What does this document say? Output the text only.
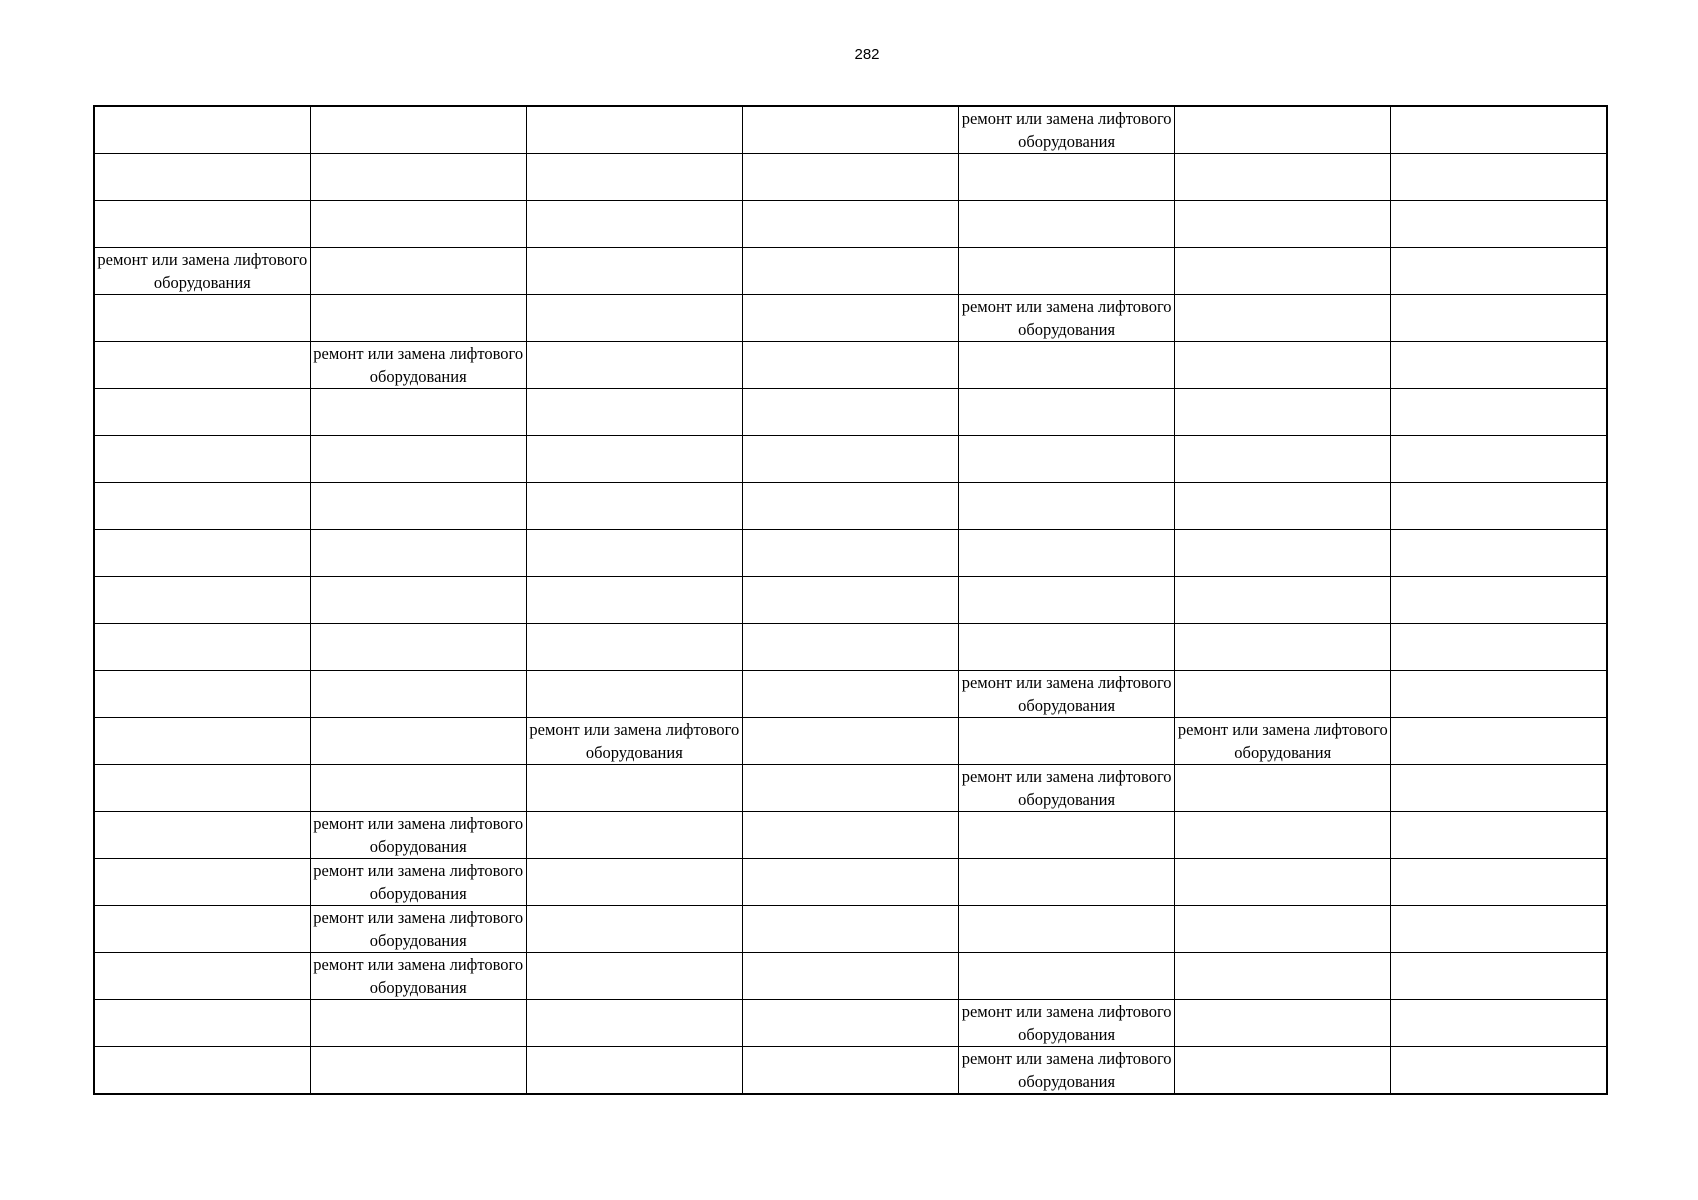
282
				ремонт или замена лифтового оборудования		

ремонт или замена лифтового оборудования						
				ремонт или замена лифтового оборудования		
	ремонт или замена лифтового оборудования					

				ремонт или замена лифтового оборудования		
		ремонт или замена лифтового оборудования			ремонт или замена лифтового оборудования	
				ремонт или замена лифтового оборудования		
	ремонт или замена лифтового оборудования					
	ремонт или замена лифтового оборудования					
	ремонт или замена лифтового оборудования					
	ремонт или замена лифтового оборудования					
				ремонт или замена лифтового оборудования		
				ремонт или замена лифтового оборудования		
